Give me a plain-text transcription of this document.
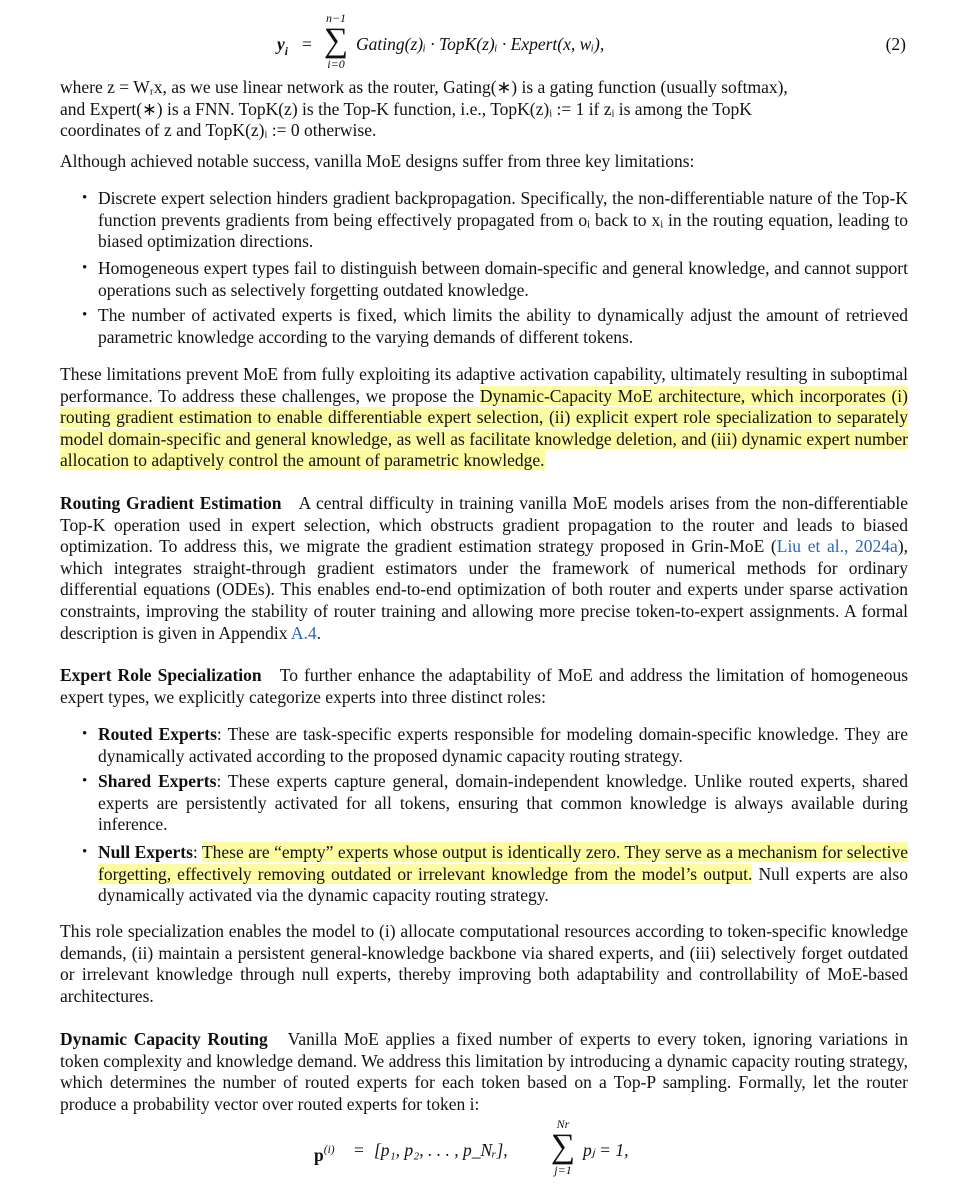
$y_i$ =
n−1
∑
i=0
Gating(z)ᵢ · TopK(z)ᵢ · Expert(x, wᵢ),	(2)
where z = Wᵣx, as we use linear network as the router, Gating(∗) is a gating function (usually softmax),
and Expert(∗) is a FNN. TopK(z) is the Top-K function, i.e., TopK(z)ᵢ := 1 if zᵢ is among the TopK
coordinates of z and TopK(z)ᵢ := 0 otherwise.
Although achieved notable success, vanilla MoE designs suffer from three key limitations:
• Discrete expert selection hinders gradient backpropagation. Specifically, the non-differentiable nature of the Top-K function prevents gradients from being effectively propagated from oᵢ back to xᵢ in the routing equation, leading to biased optimization directions.
• Homogeneous expert types fail to distinguish between domain-specific and general knowledge, and cannot support operations such as selectively forgetting outdated knowledge.
• The number of activated experts is fixed, which limits the ability to dynamically adjust the amount of retrieved parametric knowledge according to the varying demands of different tokens.
These limitations prevent MoE from fully exploiting its adaptive activation capability, ultimately resulting in suboptimal performance. To address these challenges, we propose the Dynamic-Capacity MoE architecture, which incorporates (i) routing gradient estimation to enable differentiable expert selection, (ii) explicit expert role specialization to separately model domain-specific and general knowledge, as well as facilitate knowledge deletion, and (iii) dynamic expert number allocation to adaptively control the amount of parametric knowledge.
Routing Gradient Estimation A central difficulty in training vanilla MoE models arises from the non-differentiable Top-K operation used in expert selection, which obstructs gradient propagation to the router and leads to biased optimization. To address this, we migrate the gradient estimation strategy proposed in Grin-MoE (Liu et al., 2024a), which integrates straight-through gradient estimators under the framework of numerical methods for ordinary differential equations (ODEs). This enables end-to-end optimization of both router and experts under sparse activation constraints, improving the stability of router training and allowing more precise token-to-expert assignments. A formal description is given in Appendix A.4.
Expert Role Specialization To further enhance the adaptability of MoE and address the limitation of homogeneous expert types, we explicitly categorize experts into three distinct roles:
• Routed Experts: These are task-specific experts responsible for modeling domain-specific knowledge. They are dynamically activated according to the proposed dynamic capacity routing strategy.
• Shared Experts: These experts capture general, domain-independent knowledge. Unlike routed experts, shared experts are persistently activated for all tokens, ensuring that common knowledge is always available during inference.
• Null Experts: These are “empty” experts whose output is identically zero. They serve as a mechanism for selective forgetting, effectively removing outdated or irrelevant knowledge from the model’s output. Null experts are also dynamically activated via the dynamic capacity routing strategy.
This role specialization enables the model to (i) allocate computational resources according to token-specific knowledge demands, (ii) maintain a persistent general-knowledge backbone via shared experts, and (iii) selectively forget outdated or irrelevant knowledge through null experts, thereby improving both adaptability and controllability of MoE-based architectures.
Dynamic Capacity Routing Vanilla MoE applies a fixed number of experts to every token, ignoring variations in token complexity and knowledge demand. We address this limitation by introducing a dynamic capacity routing strategy, which determines the number of routed experts for each token based on a Top-P sampling. Formally, let the router produce a probability vector over routed experts for token i:
$p^{(i)} = [p_1$, p₂, . . . , p_Nᵣ],
Nr
∑
j=1
pⱼ = 1,
